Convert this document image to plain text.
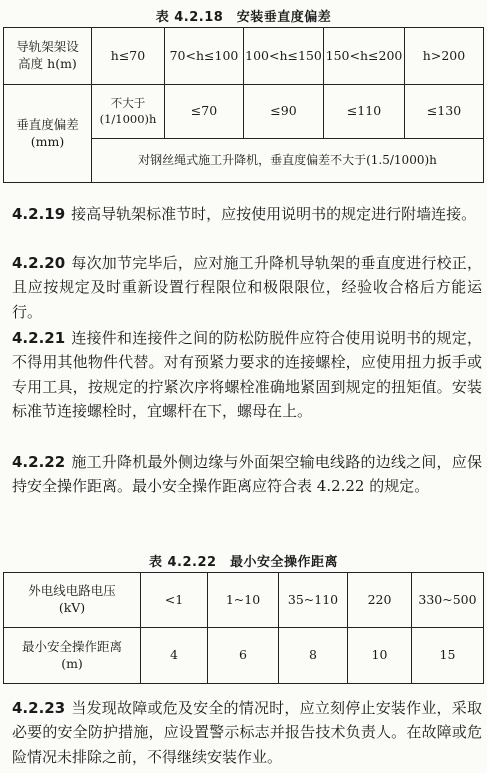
表 4.2.18　安装垂直度偏差
导轨架架设
高度 h(m)	h≤70	70<h≤100	100<h≤150	150<h≤200	h>200

垂直度偏差
(mm)	不大于(1/1000)h	≤70	≤90	≤110	≤130
	对钢丝绳式施工升降机，垂直度偏差不大于(1.5/1000)h				
4.2.19 接高导轨架标准节时，应按使用说明书的规定进行附墙连接。
4.2.20 每次加节完毕后，应对施工升降机导轨架的垂直度进行校正，且应按规定及时重新设置行程限位和极限限位，经验收合格后方能运行。
4.2.21 连接件和连接件之间的防松防脱件应符合使用说明书的规定，不得用其他物件代替。对有预紧力要求的连接螺栓，应使用扭力扳手或专用工具，按规定的拧紧次序将螺栓准确地紧固到规定的扭矩值。安装标准节连接螺栓时，宜螺杆在下，螺母在上。
4.2.22 施工升降机最外侧边缘与外面架空输电线路的边线之间，应保持安全操作距离。最小安全操作距离应符合表 4.2.22 的规定。
表 4.2.22　最小安全操作距离
外电线电路电压
(kV)	<1	1~10	35~110	220	330~500

最小安全操作距离
(m)	4	6	8	10	15
4.2.23 当发现故障或危及安全的情况时，应立刻停止安装作业，采取必要的安全防护措施，应设置警示标志并报告技术负责人。在故障或危险情况未排除之前，不得继续安装作业。
